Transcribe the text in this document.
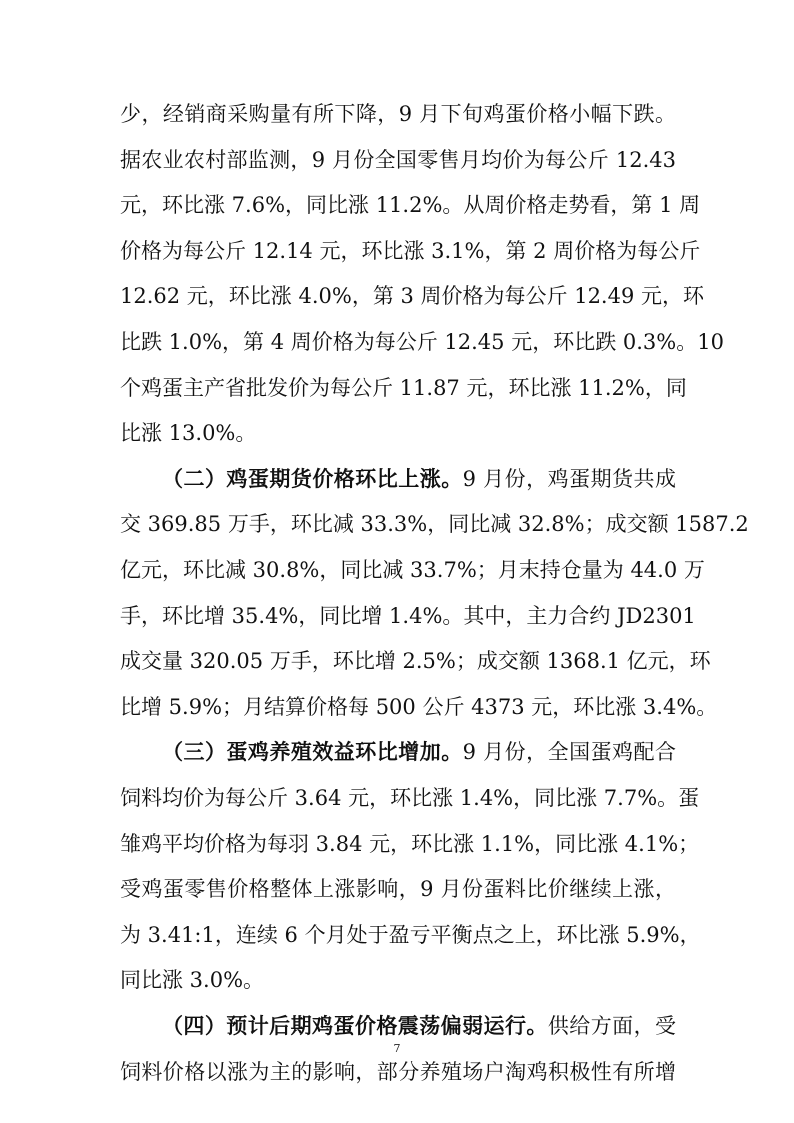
少，经销商采购量有所下降，9 月下旬鸡蛋价格小幅下跌。
据农业农村部监测，9 月份全国零售月均价为每公斤 12.43
元，环比涨 7.6%，同比涨 11.2%。从周价格走势看，第 1 周
价格为每公斤 12.14 元，环比涨 3.1%，第 2 周价格为每公斤
12.62 元，环比涨 4.0%，第 3 周价格为每公斤 12.49 元，环
比跌 1.0%，第 4 周价格为每公斤 12.45 元，环比跌 0.3%。10
个鸡蛋主产省批发价为每公斤 11.87 元，环比涨 11.2%，同
比涨 13.0%。
（二）鸡蛋期货价格环比上涨。9 月份，鸡蛋期货共成
交 369.85 万手，环比减 33.3%，同比减 32.8%；成交额 1587.2
亿元，环比减 30.8%，同比减 33.7%；月末持仓量为 44.0 万
手，环比增 35.4%，同比增 1.4%。其中，主力合约 JD2301
成交量 320.05 万手，环比增 2.5%；成交额 1368.1 亿元，环
比增 5.9%；月结算价格每 500 公斤 4373 元，环比涨 3.4%。
（三）蛋鸡养殖效益环比增加。9 月份，全国蛋鸡配合
饲料均价为每公斤 3.64 元，环比涨 1.4%，同比涨 7.7%。蛋
雏鸡平均价格为每羽 3.84 元，环比涨 1.1%，同比涨 4.1%；
受鸡蛋零售价格整体上涨影响，9 月份蛋料比价继续上涨，
为 3.41:1，连续 6 个月处于盈亏平衡点之上，环比涨 5.9%，
同比涨 3.0%。
（四）预计后期鸡蛋价格震荡偏弱运行。供给方面，受
7
饲料价格以涨为主的影响，部分养殖场户淘鸡积极性有所增
